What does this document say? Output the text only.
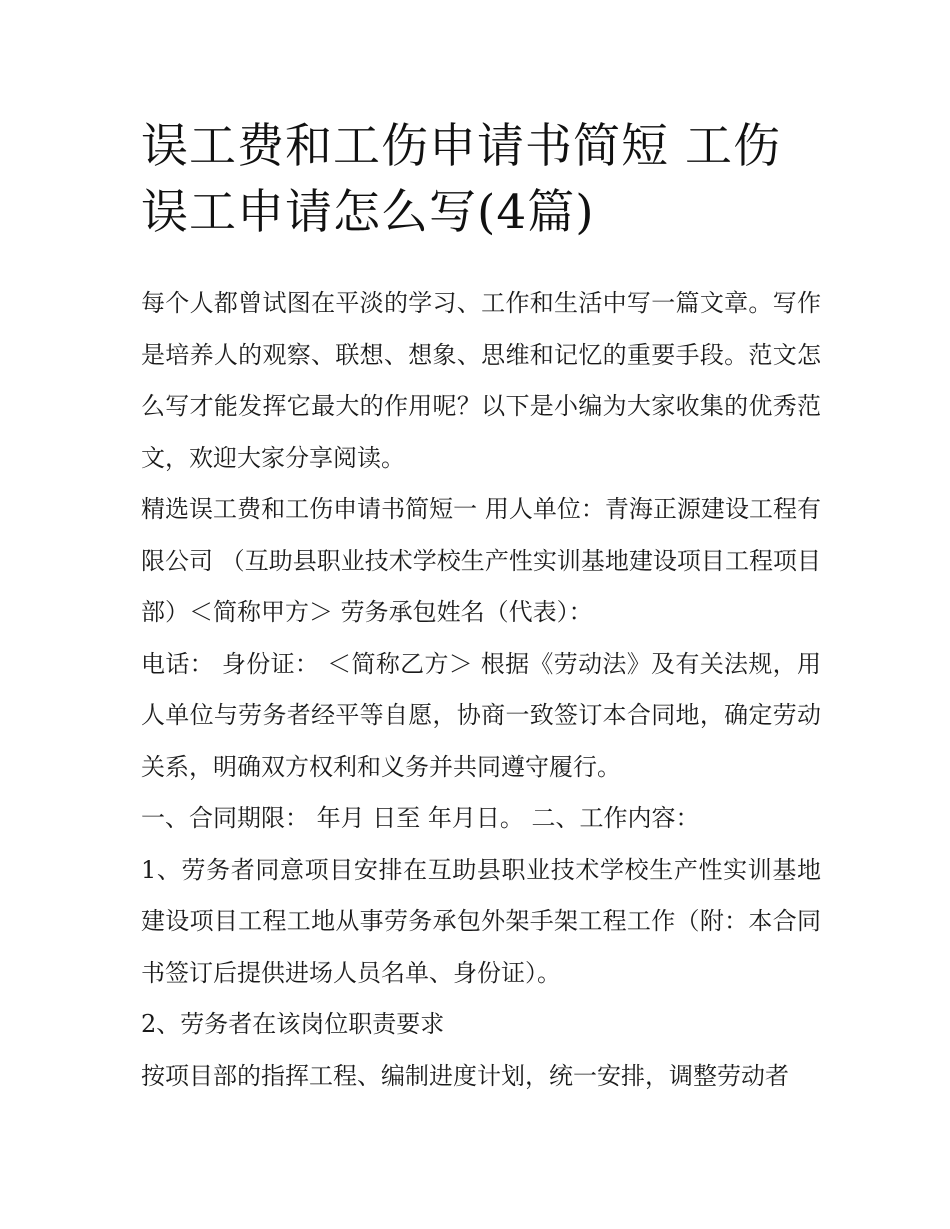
误工费和工伤申请书简短 工伤误工申请怎么写(4篇)

每个人都曾试图在平淡的学习、工作和生活中写一篇文章。写作是培养人的观察、联想、想象、思维和记忆的重要手段。范文怎么写才能发挥它最大的作用呢？以下是小编为大家收集的优秀范文，欢迎大家分享阅读。

精选误工费和工伤申请书简短一 用人单位：青海正源建设工程有限公司 （互助县职业技术学校生产性实训基地建设项目工程项目部）＜简称甲方＞ 劳务承包姓名（代表）：

电话： 身份证： ＜简称乙方＞ 根据《劳动法》及有关法规，用人单位与劳务者经平等自愿，协商一致签订本合同地，确定劳动关系，明确双方权利和义务并共同遵守履行。

一、合同期限： 年月 日至 年月日。 二、工作内容：

1、劳务者同意项目安排在互助县职业技术学校生产性实训基地建设项目工程工地从事劳务承包外架手架工程工作（附：本合同书签订后提供进场人员名单、身份证）。

2、劳务者在该岗位职责要求

按项目部的指挥工程、编制进度计划，统一安排，调整劳动者
